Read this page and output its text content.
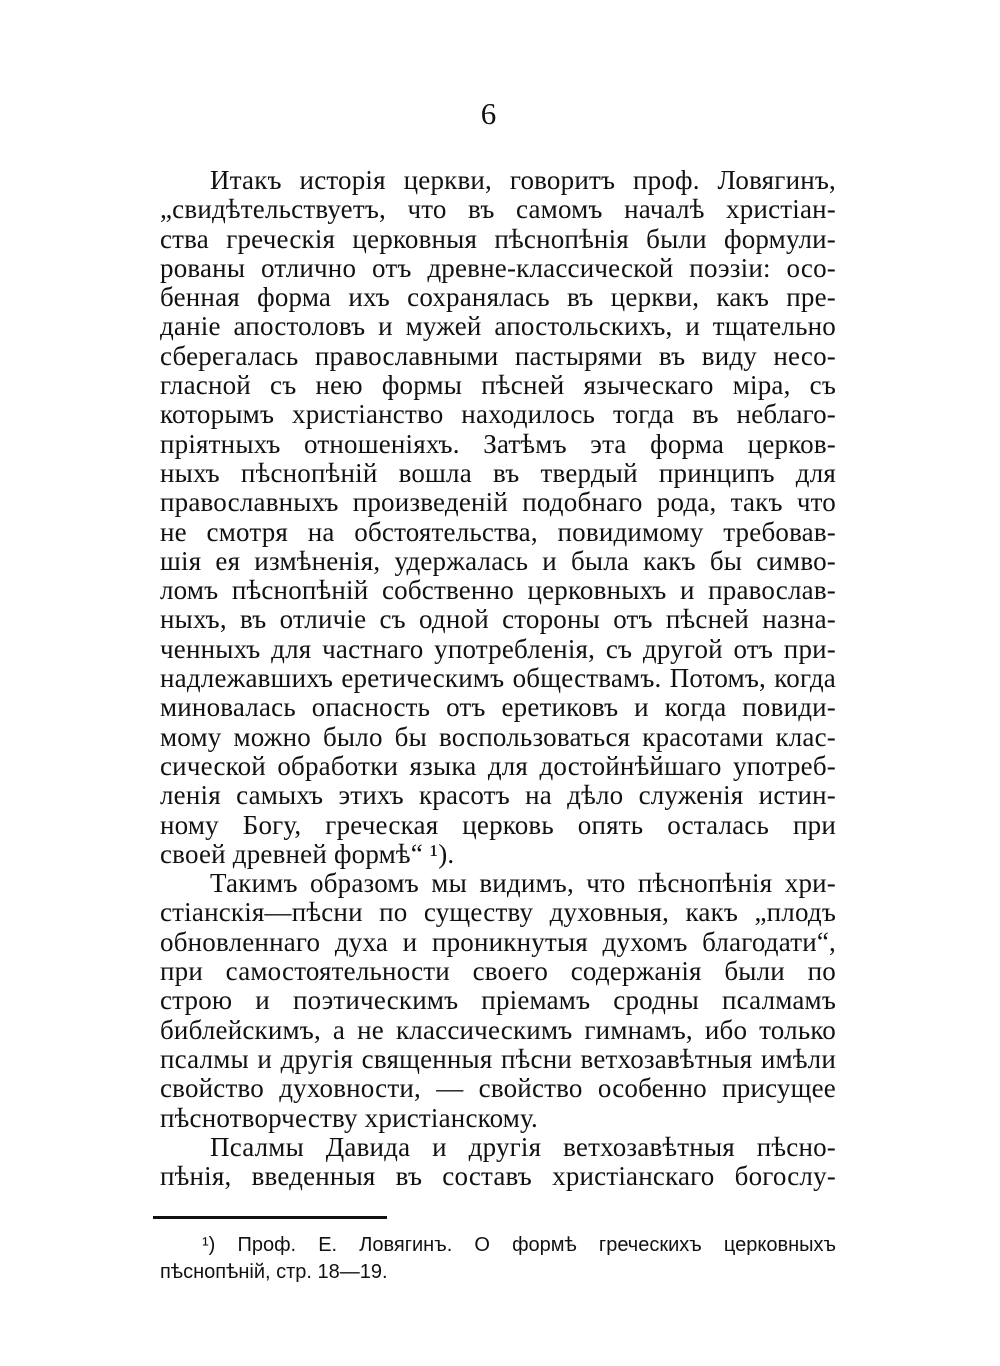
6
Итакъ исторія церкви, говоритъ проф. Ловягинъ,
„свидѣтельствуетъ, что въ самомъ началѣ христіан-
ства греческія церковныя пѣснопѣнія были формули-
рованы отлично отъ древне-классической поэзіи: осо-
бенная форма ихъ сохранялась въ церкви, какъ пре-
даніе апостоловъ и мужей апостольскихъ, и тщательно
сберегалась православными пастырями въ виду несо-
гласной съ нею формы пѣсней языческаго міра, съ
которымъ христіанство находилось тогда въ неблаго-
пріятныхъ отношеніяхъ. Затѣмъ эта форма церков-
ныхъ пѣснопѣній вошла въ твердый принципъ для
православныхъ произведеній подобнаго рода, такъ что
не смотря на обстоятельства, повидимому требовав-
шія ея измѣненія, удержалась и была какъ бы симво-
ломъ пѣснопѣній собственно церковныхъ и православ-
ныхъ, въ отличіе съ одной стороны отъ пѣсней назна-
ченныхъ для частнаго употребленія, съ другой отъ при-
надлежавшихъ еретическимъ обществамъ. Потомъ, когда
миновалась опасность отъ еретиковъ и когда повиди-
мому можно было бы воспользоваться красотами клас-
сической обработки языка для достойнѣйшаго употреб-
ленія самыхъ этихъ красотъ на дѣло служенія истин-
ному Богу, греческая церковь опять осталась при
своей древней формѣ“ ¹).
Такимъ образомъ мы видимъ, что пѣснопѣнія хри-
стіанскія—пѣсни по существу духовныя, какъ „плодъ
обновленнаго духа и проникнутыя духомъ благодати“,
при самостоятельности своего содержанія были по
строю и поэтическимъ пріемамъ сродны псалмамъ
библейскимъ, а не классическимъ гимнамъ, ибо только
псалмы и другія священныя пѣсни ветхозавѣтныя имѣли
свойство духовности, — свойство особенно присущее
пѣснотворчеству христіанскому.
Псалмы Давида и другія ветхозавѣтныя пѣсно-
пѣнія, введенныя въ составъ христіанскаго богослу-
¹) Проф. Е. Ловягинъ. О формѣ греческихъ церковныхъ
пѣснопѣній, стр. 18—19.
